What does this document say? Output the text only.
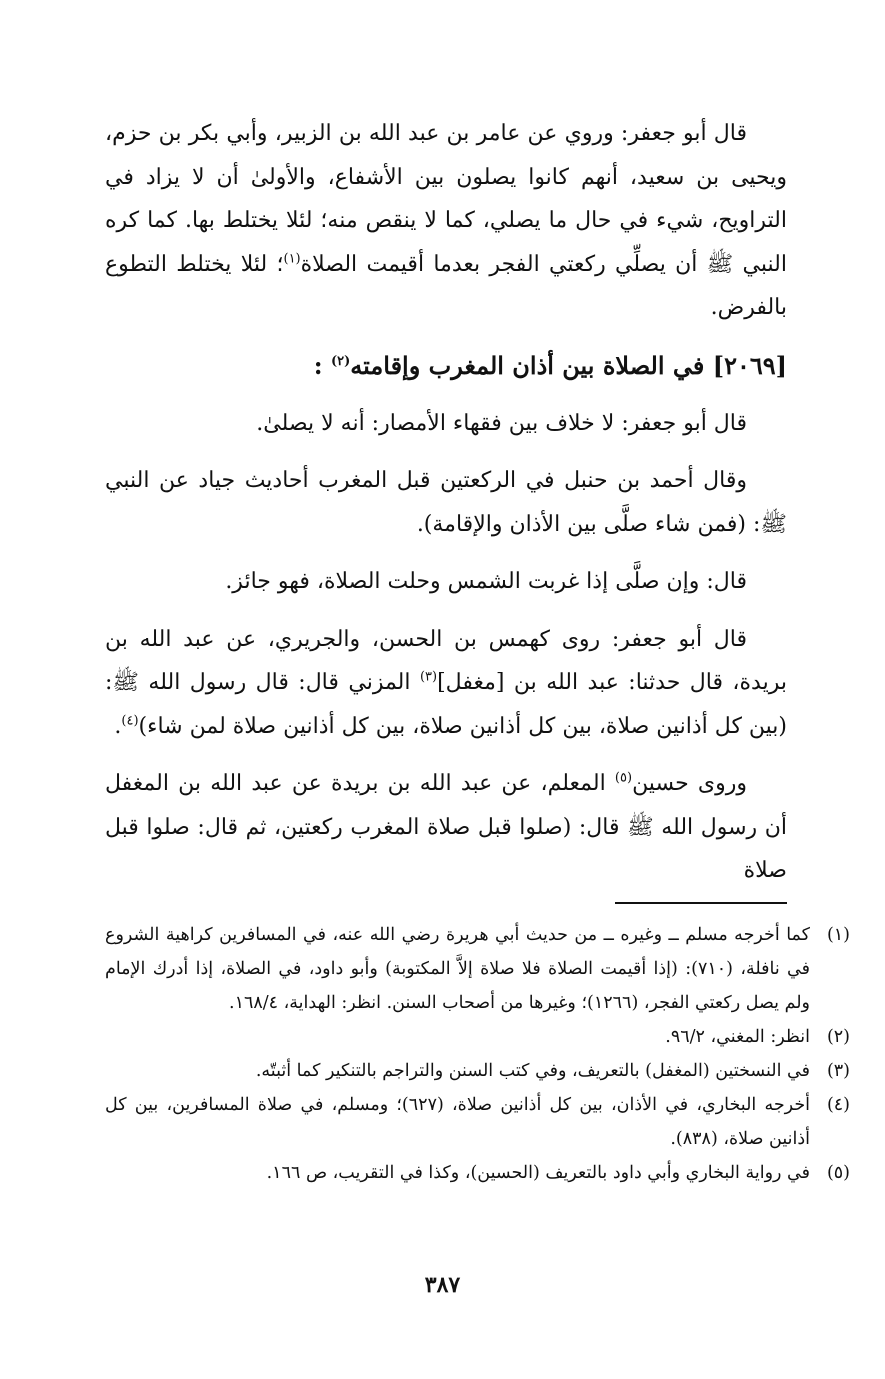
قال أبو جعفر: وروي عن عامر بن عبد الله بن الزبير، وأبي بكر بن حزم، ويحيى بن سعيد، أنهم كانوا يصلون بين الأشفاع، والأولىٰ أن لا يزاد في التراويح، شيء في حال ما يصلي، كما لا ينقص منه؛ لئلا يختلط بها. كما كره النبي ﷺ أن يصلِّي ركعتي الفجر بعدما أقيمت الصلاة$^{(١)}$؛ لئلا يختلط التطوع بالفرض.

[٢٠٦٩] في الصلاة بين أذان المغرب وإقامته$^{(٢)}$ :

قال أبو جعفر: لا خلاف بين فقهاء الأمصار: أنه لا يصلىٰ.

وقال أحمد بن حنبل في الركعتين قبل المغرب أحاديث جياد عن النبي ﷺ: (فمن شاء صلَّى بين الأذان والإقامة).

قال: وإن صلَّى إذا غربت الشمس وحلت الصلاة، فهو جائز.

قال أبو جعفر: روى كهمس بن الحسن، والجريري، عن عبد الله بن بريدة، قال حدثنا: عبد الله بن [مغفل]$^{(٣)}$ المزني قال: قال رسول الله ﷺ: (بين كل أذانين صلاة، بين كل أذانين صلاة، بين كل أذانين صلاة لمن شاء)$^{(٤)}$.

وروى حسين$^{(٥)}$ المعلم، عن عبد الله بن بريدة عن عبد الله بن المغفل أن رسول الله ﷺ قال: (صلوا قبل صلاة المغرب ركعتين، ثم قال: صلوا قبل صلاة

(١)
كما أخرجه مسلم ــ وغيره ــ من حديث أبي هريرة رضي الله عنه، في المسافرين كراهية الشروع في نافلة، (٧١٠): (إذا أقيمت الصلاة فلا صلاة إلاَّ المكتوبة) وأبو داود، في الصلاة، إذا أدرك الإمام ولم يصل ركعتي الفجر، (١٢٦٦)؛ وغيرها من أصحاب السنن. انظر: الهداية، ١٦٨/٤.
(٢)
انظر: المغني، ٩٦/٢.
(٣)
في النسختين (المغفل) بالتعريف، وفي كتب السنن والتراجم بالتنكير كما أثبتّه.
(٤)
أخرجه البخاري، في الأذان، بين كل أذانين صلاة، (٦٢٧)؛ ومسلم، في صلاة المسافرين، بين كل أذانين صلاة، (٨٣٨).
(٥)
في رواية البخاري وأبي داود بالتعريف (الحسين)، وكذا في التقريب، ص ١٦٦.
٣٨٧
